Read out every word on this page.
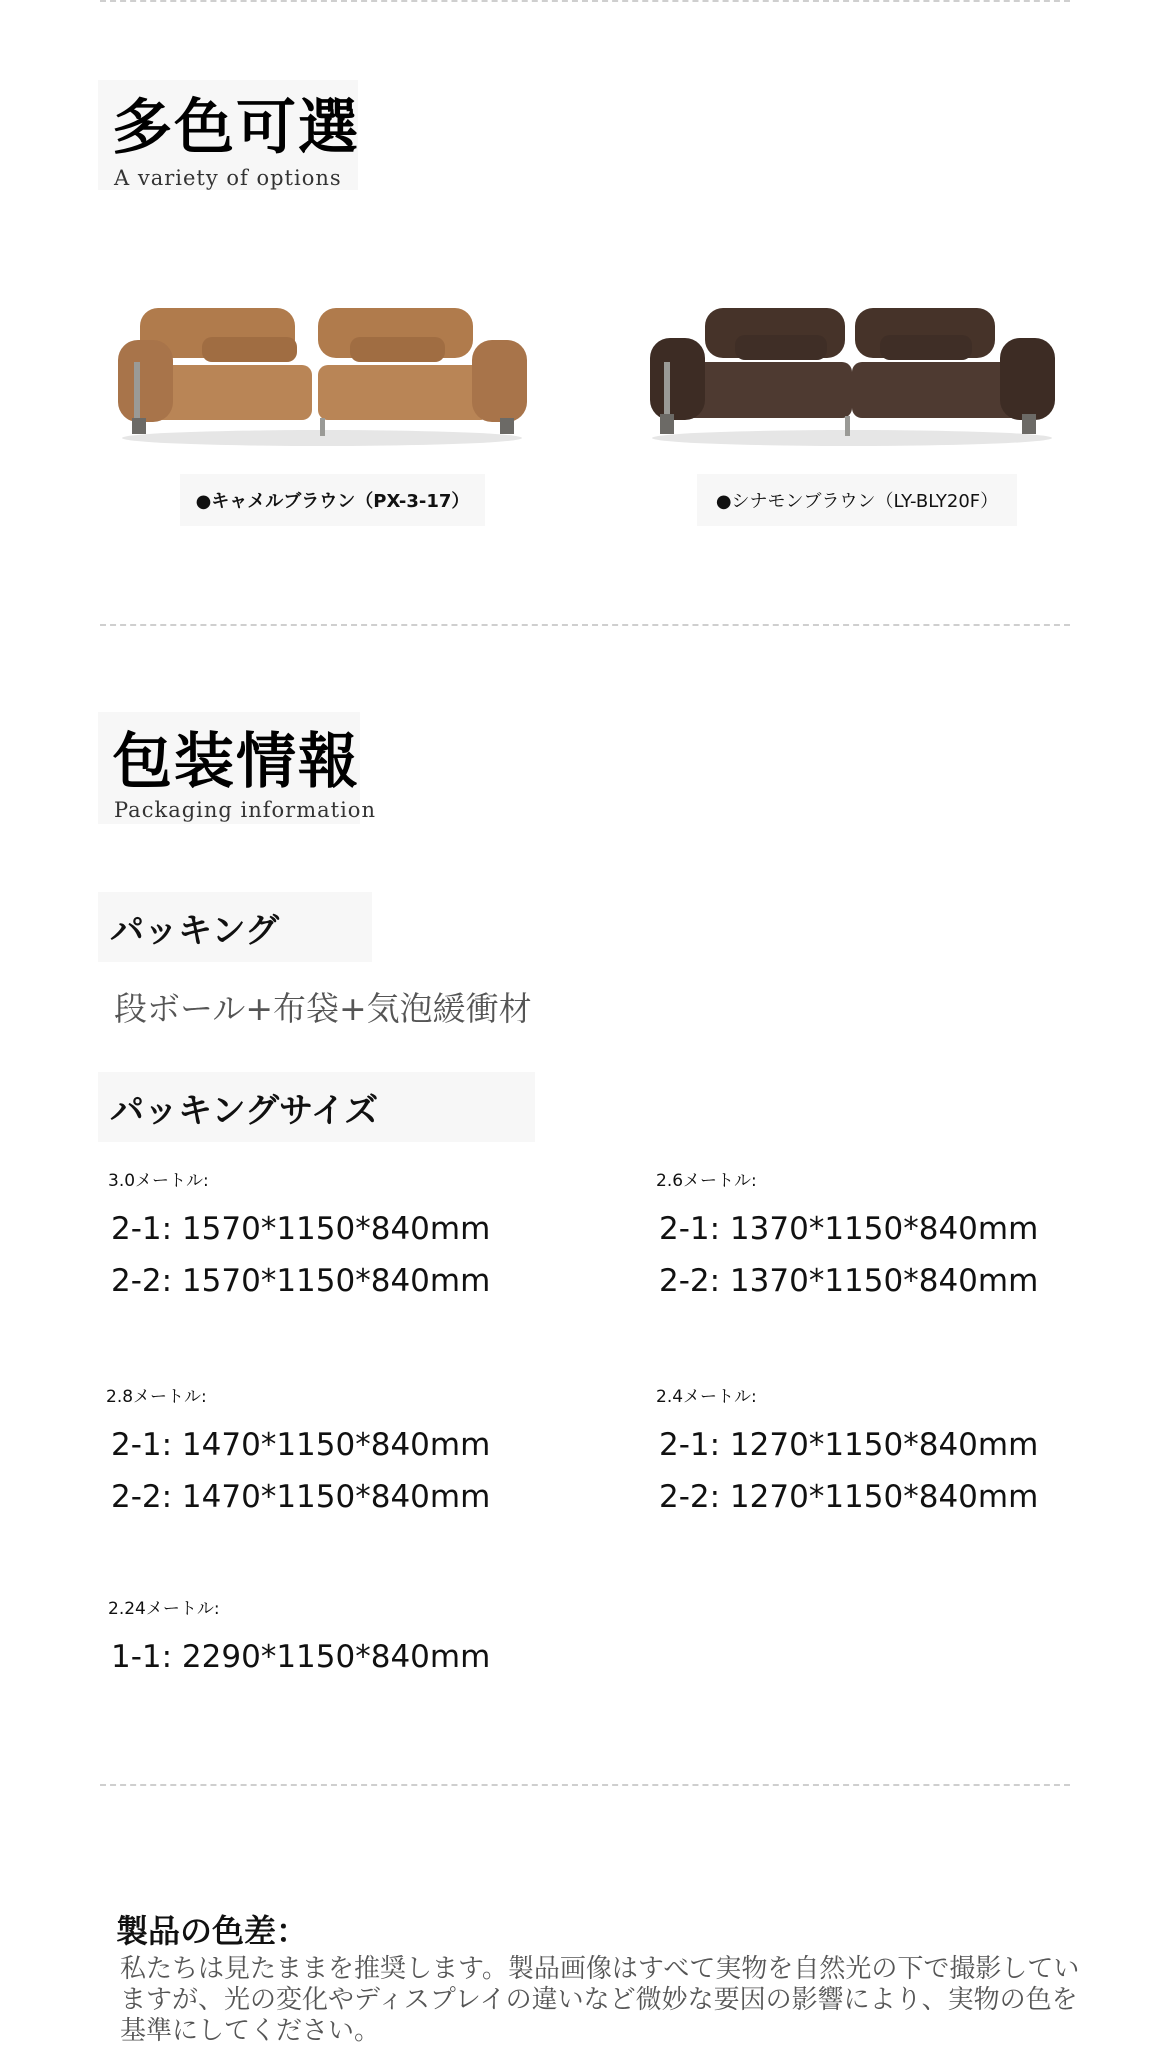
多色可選
A variety of options
●キャメルブラウン（PX-3-17）	●シナモンブラウン（LY-BLY20F）
包装情報
Packaging information
パッキング
段ボール+布袋+気泡緩衝材
パッキングサイズ
3.0メートル:
2-1: 1570*1150*840mm
2-2: 1570*1150*840mm
2.6メートル:
2-1: 1370*1150*840mm
2-2: 1370*1150*840mm
2.8メートル:
2-1: 1470*1150*840mm
2-2: 1470*1150*840mm
2.4メートル:
2-1: 1270*1150*840mm
2-2: 1270*1150*840mm
2.24メートル:
1-1: 2290*1150*840mm
製品の色差：
私たちは見たままを推奨します。製品画像はすべて実物を自然光の下で撮影していますが、光の変化やディスプレイの違いなど微妙な要因の影響により、実物の色を基準にしてください。
